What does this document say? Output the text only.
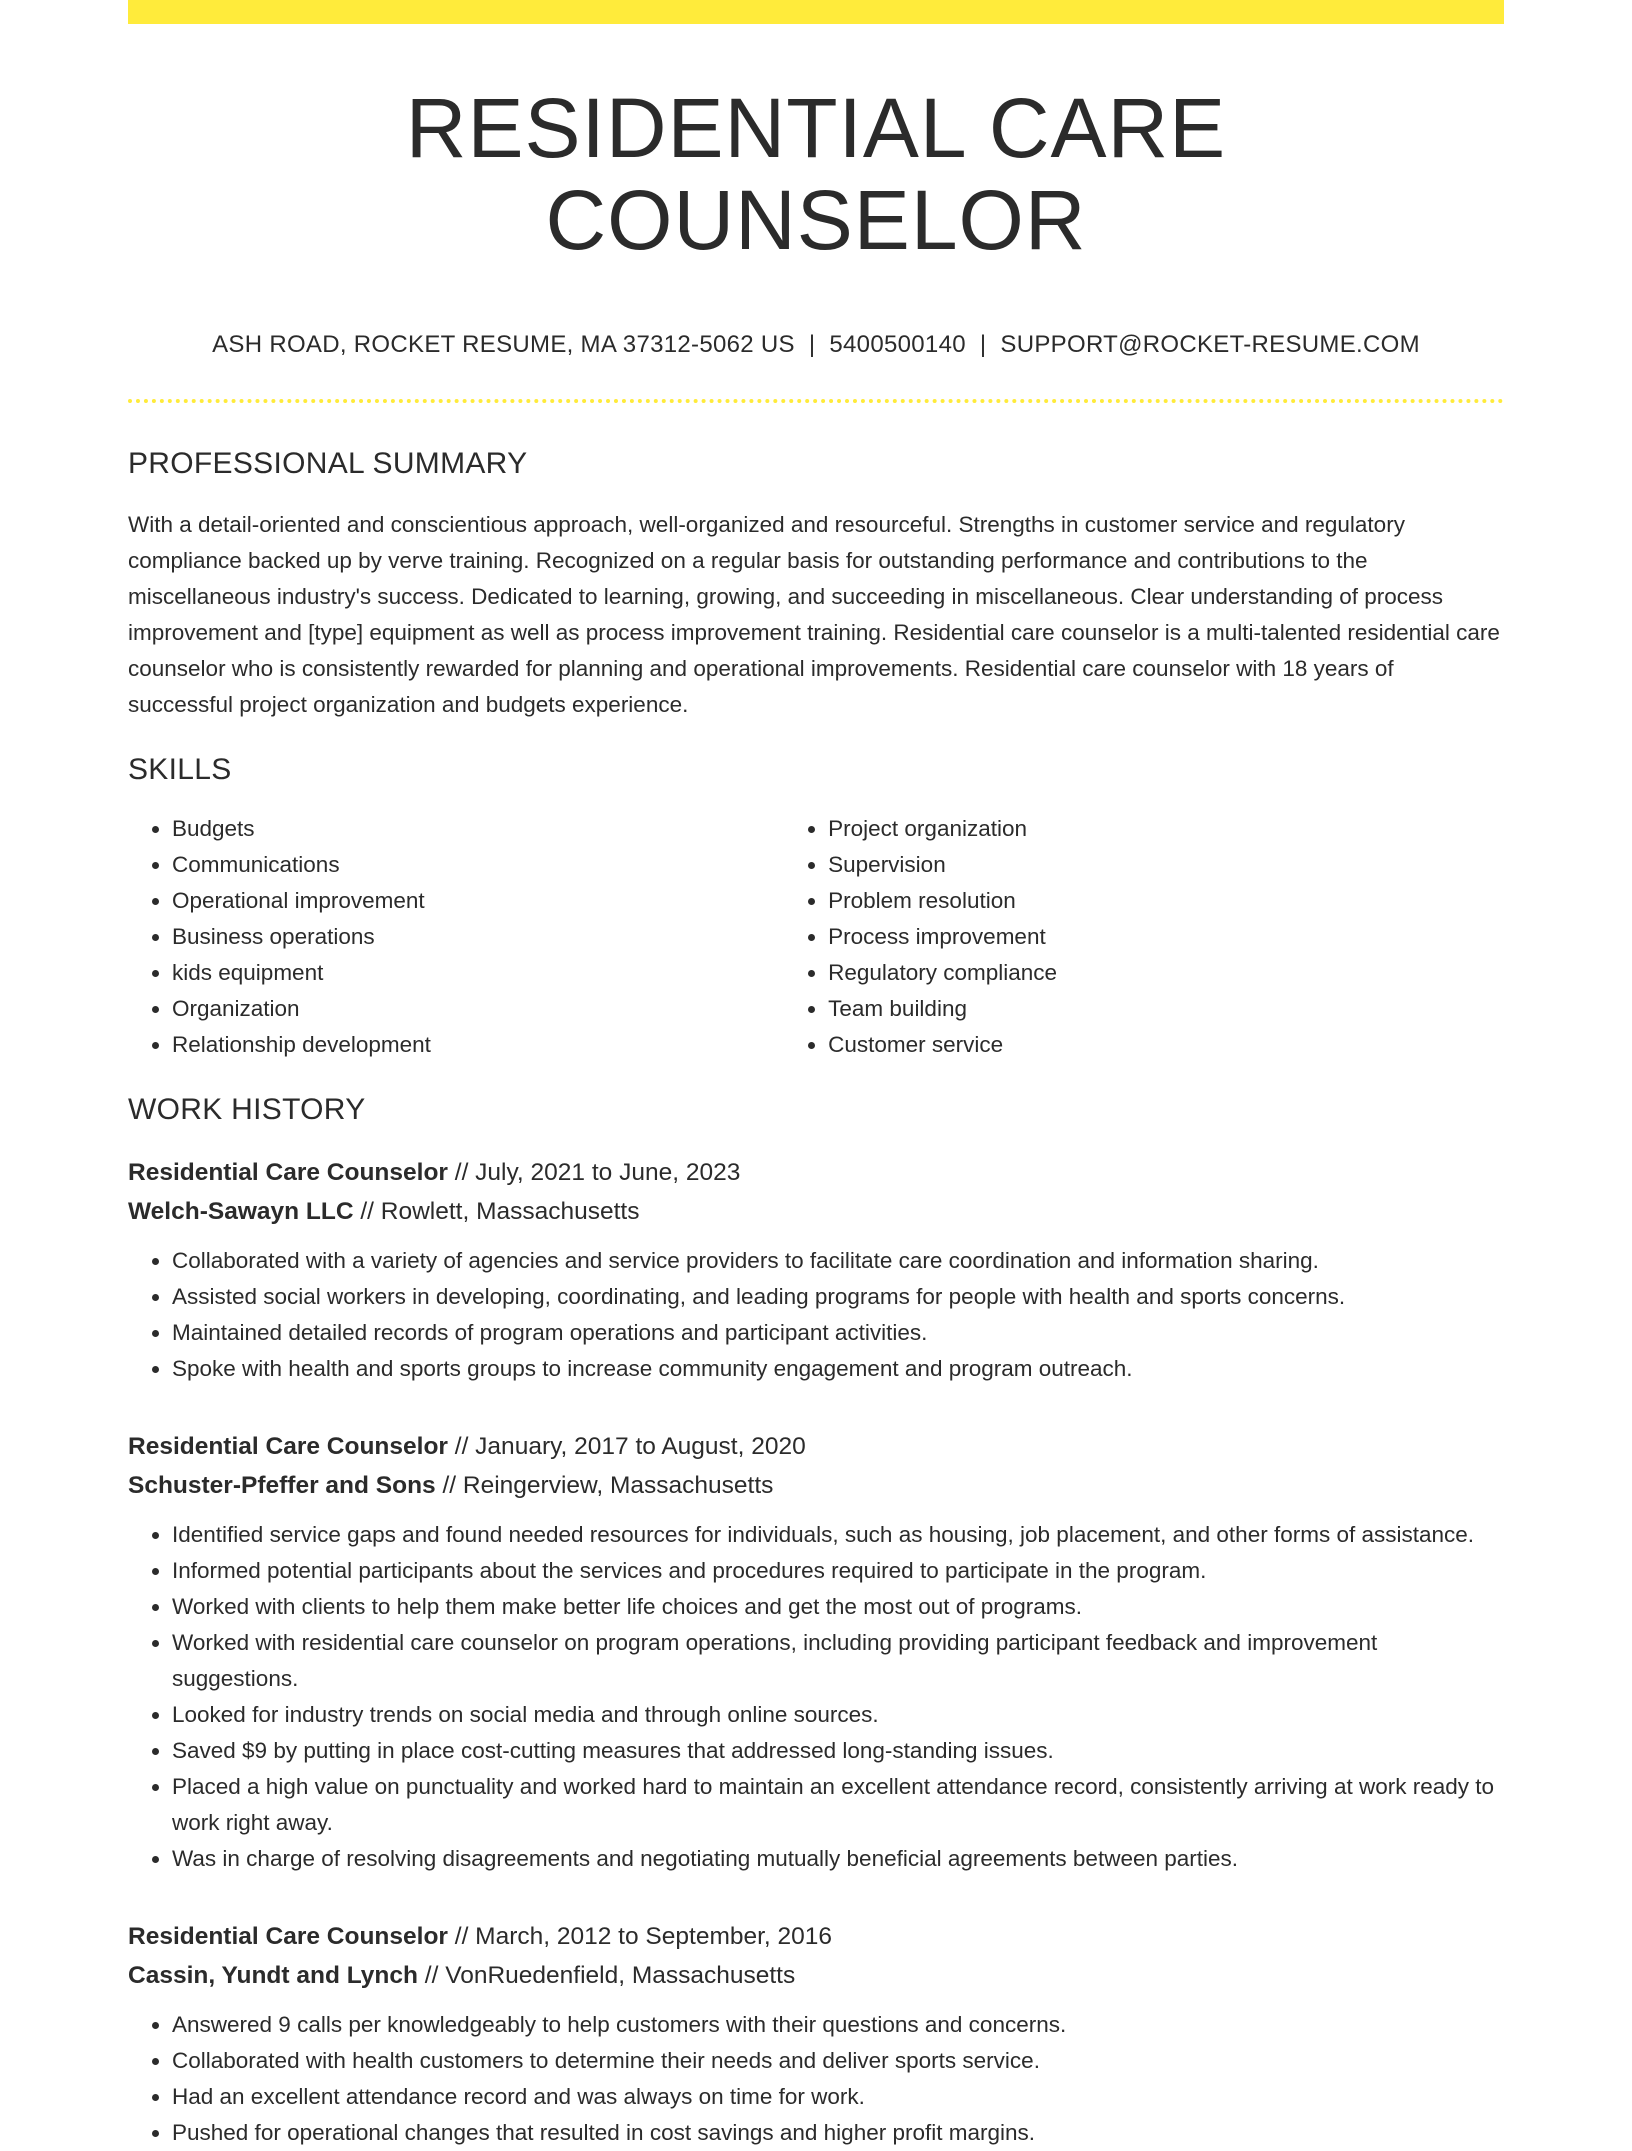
RESIDENTIAL CARE COUNSELOR
ASH ROAD, ROCKET RESUME, MA 37312-5062 US | 5400500140 | SUPPORT@ROCKET-RESUME.COM
PROFESSIONAL SUMMARY

With a detail-oriented and conscientious approach, well-organized and resourceful. Strengths in customer service and regulatory compliance backed up by verve training. Recognized on a regular basis for outstanding performance and contributions to the miscellaneous industry's success. Dedicated to learning, growing, and succeeding in miscellaneous. Clear understanding of process improvement and [type] equipment as well as process improvement training. Residential care counselor is a multi-talented residential care counselor who is consistently rewarded for planning and operational improvements. Residential care counselor with 18 years of successful project organization and budgets experience.

SKILLS
• Budgets
• Communications
• Operational improvement
• Business operations
• kids equipment
• Organization
• Relationship development
• Project organization
• Supervision
• Problem resolution
• Process improvement
• Regulatory compliance
• Team building
• Customer service
WORK HISTORY
Residential Care Counselor // July, 2021 to June, 2023
Welch-Sawayn LLC // Rowlett, Massachusetts
• Collaborated with a variety of agencies and service providers to facilitate care coordination and information sharing.
• Assisted social workers in developing, coordinating, and leading programs for people with health and sports concerns.
• Maintained detailed records of program operations and participant activities.
• Spoke with health and sports groups to increase community engagement and program outreach.
Residential Care Counselor // January, 2017 to August, 2020
Schuster-Pfeffer and Sons // Reingerview, Massachusetts
• Identified service gaps and found needed resources for individuals, such as housing, job placement, and other forms of assistance.
• Informed potential participants about the services and procedures required to participate in the program.
• Worked with clients to help them make better life choices and get the most out of programs.
• Worked with residential care counselor on program operations, including providing participant feedback and improvement suggestions.
• Looked for industry trends on social media and through online sources.
• Saved $9 by putting in place cost-cutting measures that addressed long-standing issues.
• Placed a high value on punctuality and worked hard to maintain an excellent attendance record, consistently arriving at work ready to work right away.
• Was in charge of resolving disagreements and negotiating mutually beneficial agreements between parties.
Residential Care Counselor // March, 2012 to September, 2016
Cassin, Yundt and Lynch // VonRuedenfield, Massachusetts
• Answered 9 calls per knowledgeably to help customers with their questions and concerns.
• Collaborated with health customers to determine their needs and deliver sports service.
• Had an excellent attendance record and was always on time for work.
• Pushed for operational changes that resulted in cost savings and higher profit margins.
